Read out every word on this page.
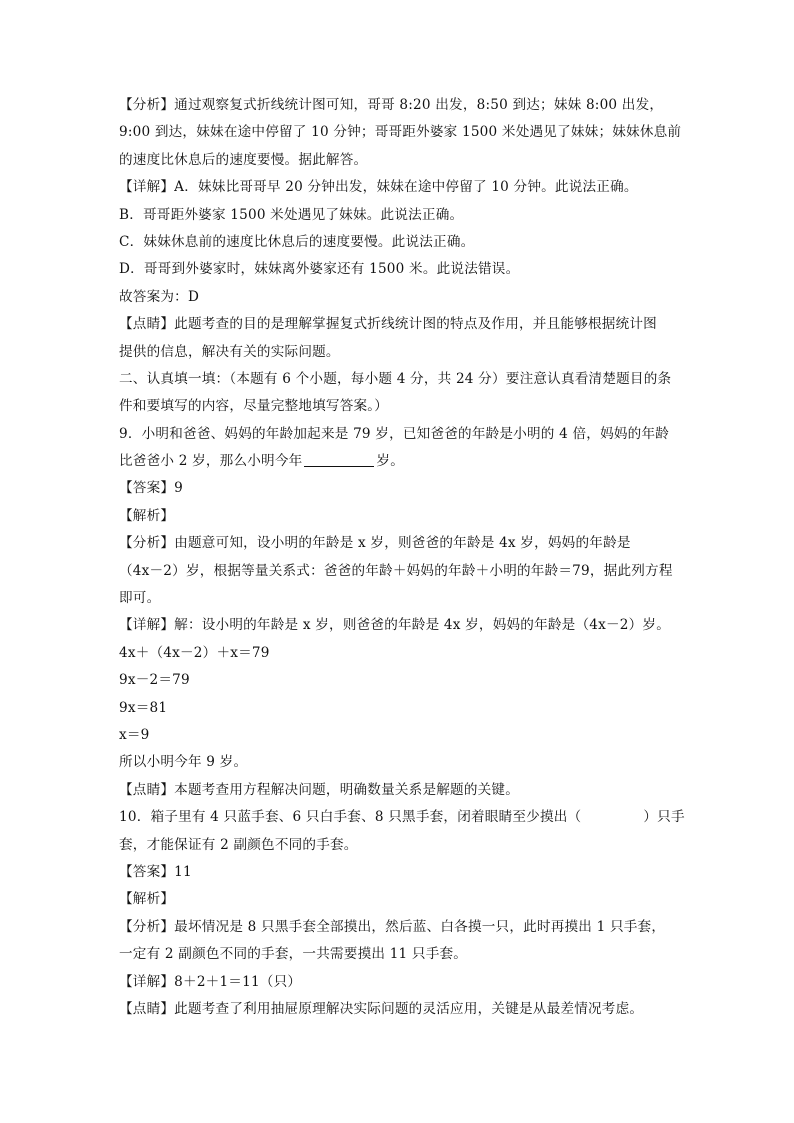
【分析】通过观察复式折线统计图可知，哥哥 8:20 出发，8:50 到达；妹妹 8:00 出发，
9:00 到达，妹妹在途中停留了 10 分钟；哥哥距外婆家 1500 米处遇见了妹妹；妹妹休息前
的速度比休息后的速度要慢。据此解答。
【详解】A．妹妹比哥哥早 20 分钟出发，妹妹在途中停留了 10 分钟。此说法正确。
B．哥哥距外婆家 1500 米处遇见了妹妹。此说法正确。
C．妹妹休息前的速度比休息后的速度要慢。此说法正确。
D．哥哥到外婆家时，妹妹离外婆家还有 1500 米。此说法错误。
故答案为：D
【点睛】此题考查的目的是理解掌握复式折线统计图的特点及作用，并且能够根据统计图
提供的信息，解决有关的实际问题。
二、认真填一填：（本题有 6 个小题，每小题 4 分，共 24 分）要注意认真看清楚题目的条
件和要填写的内容，尽量完整地填写答案。）
9．小明和爸爸、妈妈的年龄加起来是 79 岁，已知爸爸的年龄是小明的 4 倍，妈妈的年龄
比爸爸小 2 岁，那么小明今年	岁。
【答案】9
【解析】
【分析】由题意可知，设小明的年龄是 x 岁，则爸爸的年龄是 4x 岁，妈妈的年龄是
（4x－2）岁，根据等量关系式：爸爸的年龄＋妈妈的年龄＋小明的年龄＝79，据此列方程
即可。
【详解】解：设小明的年龄是 x 岁，则爸爸的年龄是 4x 岁，妈妈的年龄是（4x－2）岁。
4x＋（4x－2）＋x＝79
9x－2＝79
9x＝81
x＝9
所以小明今年 9 岁。
【点睛】本题考查用方程解决问题，明确数量关系是解题的关键。
10．箱子里有 4 只蓝手套、6 只白手套、8 只黑手套，闭着眼睛至少摸出（	）只手
套，才能保证有 2 副颜色不同的手套。
【答案】11
【解析】
【分析】最坏情况是 8 只黑手套全部摸出，然后蓝、白各摸一只，此时再摸出 1 只手套，
一定有 2 副颜色不同的手套，一共需要摸出 11 只手套。
【详解】8＋2＋1＝11（只）
【点睛】此题考查了利用抽屉原理解决实际问题的灵活应用，关键是从最差情况考虑。
